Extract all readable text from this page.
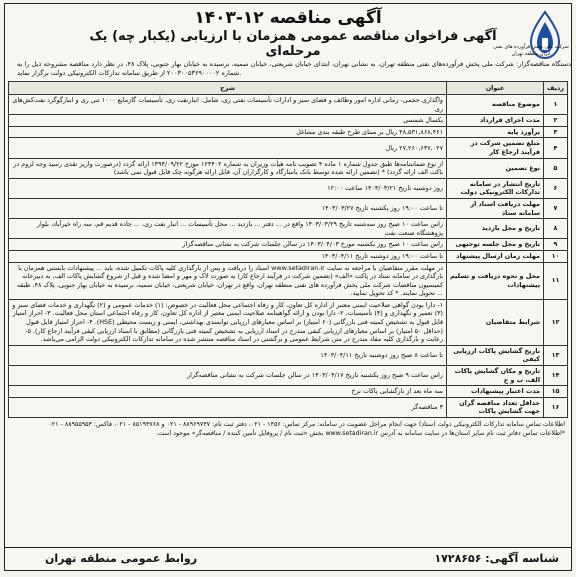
آگهی مناقصه ۱۲-۱۴۰۳
آگهی فراخوان مناقصه عمومی همزمان با ارزیابی (یکبار‌ چه) یک مرحله‌ای	شرکت ملی پخش فرآورده های نفتی ایران منطقه تهران
دستگاه مناقصه‌گزار: شرکت ملی پخش فرآورده‌های نفتی منطقه تهران، به نشانی تهران، ابتدای خیابان شریعتی، خیابان سمیه، نرسیده به خیابان بهار جنوبی، پلاک ۴۸، در نظر دارد مناقصه مشروحه ذیل را به شماره ۲۰۰۳۰۰۵۳۶۹۰۰۰۰۲ از طریق سامانه تدارکات الکترونیکی دولت برگزار نماید.
ردیف	عنوان	شرح
۱	موضوع مناقصه	واگذاری حجمی- زمانی اداره امور وظائف و فضای سبز و ادارات تأسیسات نفتی ری، شامل: انبارنفت ری، تأسیسات گازمایع ۱۰۰۰ تنی ری و انبارگوگرد نفت‌کش‌های ری
۲	مدت اجرای قرارداد	یکسال شمسی
۳	برآورد پایه	۴۸,۵۳۱,۸۶۸,۴۶۱ ریال بر مبنای طرح طبقه بندی مشاغل
۴	مبلغ تضمین شرکت در فرآیند ارجاع کار	۲۷,۲۶۰,۶۳۷,۰۲۷ ریال
۵	نوع تضمین	از نوع ضمانتنامه‌ها طبق جدول شماره ۱ ماده ۴ تصویب نامه هیأت وزیران به شماره ۱۲۳۴۰۲ موزخ ۱۳۹۴/۰۹/۲۲ ارائه گردد (درصورت واریز نقدی رسید وجه لزوم در باکت الف ارائه گردد) * (تضمین ارائه شده توسط بانک یاسارگاد و کارگزاران آن، قابل ارائه هرگونه چک قابل قبول نمی باشد)
۶	تاریخ انتشار در سامانه تدارکات الکترونیکی دولت	روز دوشنبه تاریخ ۱۴۰۳/۰۳/۲۱ ساعت ۱۲:۰۰
۷	مهلت دریافت اسناد از سامانه ستاد	تا ساعت ۱۹:۰۰ روز یکشنبه تاریخ ۱۴۰۳/۰۳/۲۷
۸	تاریخ و محل بازدید	راس ساعت ۱۰ صبح روز سه‌شنبه تاریخ ۱۴۰۳/۰۳/۲۹ واقع در ... دفتر ... بازدید ... محل تأسیسات ... انبار نفت ری، ... جاده قدیم قم، سه راه خیرآباد، بلوار پژوهشگاه صنعت نفت
۹	تاریخ و محل جلسه توجیهی	راس ساعت ۱۰ صبح روز یکشنبه مورخ ۱۴۰۳/۰۴/۰۳ در سالن جلسات شرکت به نشانی مناقصه‌گزار
۱۰	مهلت زمان ارسال پیشنهاد	تا ساعت ۱۹:۰۰ روز دوشنبه تاریخ ۱۴۰۳/۰۴/۱۱
۱۱	محل و نحوه دریافت و تسلیم پیشنهادات	در مهلت مقرر متقاضیان با مراجعه به سایت www.setadiran.ir اسناد را دریافت و پس از بارگذاری کلیه پاکات تکمیل شده، باید ... پیشنهادات بایستی همزمان با بارگذاری در سامانه ستاد در پاکت «الف» (تضمین شرکت در فرآیند ارجاع کار) به صورت لاک و مهر و امضا شده و قبل از شروع گشایش پاکات الف، به دبیرخانه کمیسیون مناقصات شرکت ملی پخش فرآورده های نفتی منطقه تهران، واقع در تهران، خیابان شریعتی، خیابان سمیه، نرسیده به خیابان بهار جنوبی، پلاک ۴۸، طبقه ... تحویل نمایند. * کد تحویل نمایید.
۱۲	شرایط متقاضیان	۱- دارا بودن گواهی صلاحیت ایمنی معتبر از اداره کل تعاون، کار و رفاه اجتماعی محل فعالیت در خصوص: (۱) خدمات عمومی و (۲) نگهداری و خدمات فضای سبز و (۳) تعمیر و نگهداری و (۴) تأسیسات. ۲- دارا بودن و ارائه گواهینامه صلاحیت ایمنی معتبر از اداره کل تعاون، کار و رفاه اجتماعی استان محل فعالیت. ۳- احراز امتیاز قابل قبول به تشخیص کمیته فنی بازرگانی (۶۰ امتیاز) بر اساس معیارهای ارزیابی توانمندی بهداشتی، ایمنی و زیست محیطی (HSE). ۴- احراز امتیاز قابل قبول (حداقل ۵۰ امتیاز) بر اساس معیارهای ارزیابی کیفی مندرج در اسناد ارزیابی به تشخیص کمیته فنی بازرگانی (مطابق با اسناد ارزیابی کیفی فرآیند ارجاع کار). ۵- رعایت و بارگذاری کلیه مفاد مندرج در متن شرایط عمومی و برگشتی در اسناد مناقصه منتشر شده در سامانه تدارکات الکترونیکی دولت الزامی می‌باشد.
۱۳	تاریخ گشایش پاکات ارزیابی کیفی	تا ساعت ۸ صبح روز دوشنبه تاریخ ۱۴۰۳/۰۴/۱۱
۱۴	تاریخ و مکان گشایش پاکات الف، ب و ج	راس ساعت ۹ صبح روز یکشنبه تاریخ ۱۴۰۳/۰۴/۱۷ در سالن جلسات شرکت به نشانی مناقصه‌گزار
۱۵	مدت اعتبار پیشنهادات	سه ماه بعد از بازگشایی پاکات نرخ
۱۶	حداقل تعداد مناقصه گران جهت گشایش پاکات	۳ مناقصه‌گر
اطلاعات تماس سامانه تدارکات الکترونیکی دولت (ستاد) جهت انجام مراحل عضویت در سامانه: مرکز تماس: ۱۴۵۶ - ۰۲۱، دفتر ثبت نام: ۸۸۹۶۹۷۳۷ - ۰۲۱ و ۸۵۱۹۳۷۶۸ - ۰۲۱، فاکس: ۸۸۹۵۵۹۵۳ - ۰۲۱
*اطلاعات تماس دفاتر ثبت نام سایر استان‌ها در سایت سامانه به آدرس www.setadiran.ir بخش «ثبت نام / پروفایل تأمین کننده / مناقصه‌گر» موجود است.
شناسه آگهی: ۱۷۲۸۶۵۶
روابط عمومی منطقه تهران
